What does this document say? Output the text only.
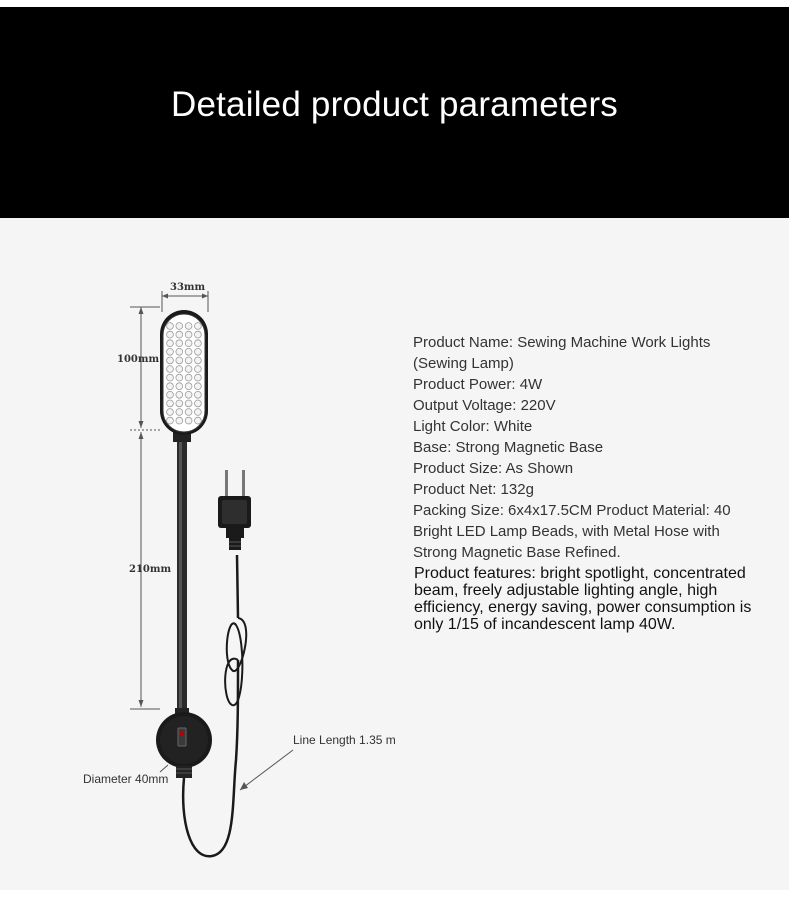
Detailed product parameters
33mm
100mm
210mm
Line Length 1.35 m
Diameter 40mm
Product Name: Sewing Machine Work Lights
(Sewing Lamp)
Product Power: 4W
Output Voltage: 220V
Light Color: White
Base: Strong Magnetic Base
Product Size: As Shown
Product Net: 132g
Packing Size: 6x4x17.5CM Product Material: 40
Bright LED Lamp Beads, with Metal Hose with
Strong Magnetic Base Refined.
Product features: bright spotlight, concentrated beam, freely adjustable lighting angle, high efficiency, energy saving, power consumption is only 1/15 of incandescent lamp 40W.
